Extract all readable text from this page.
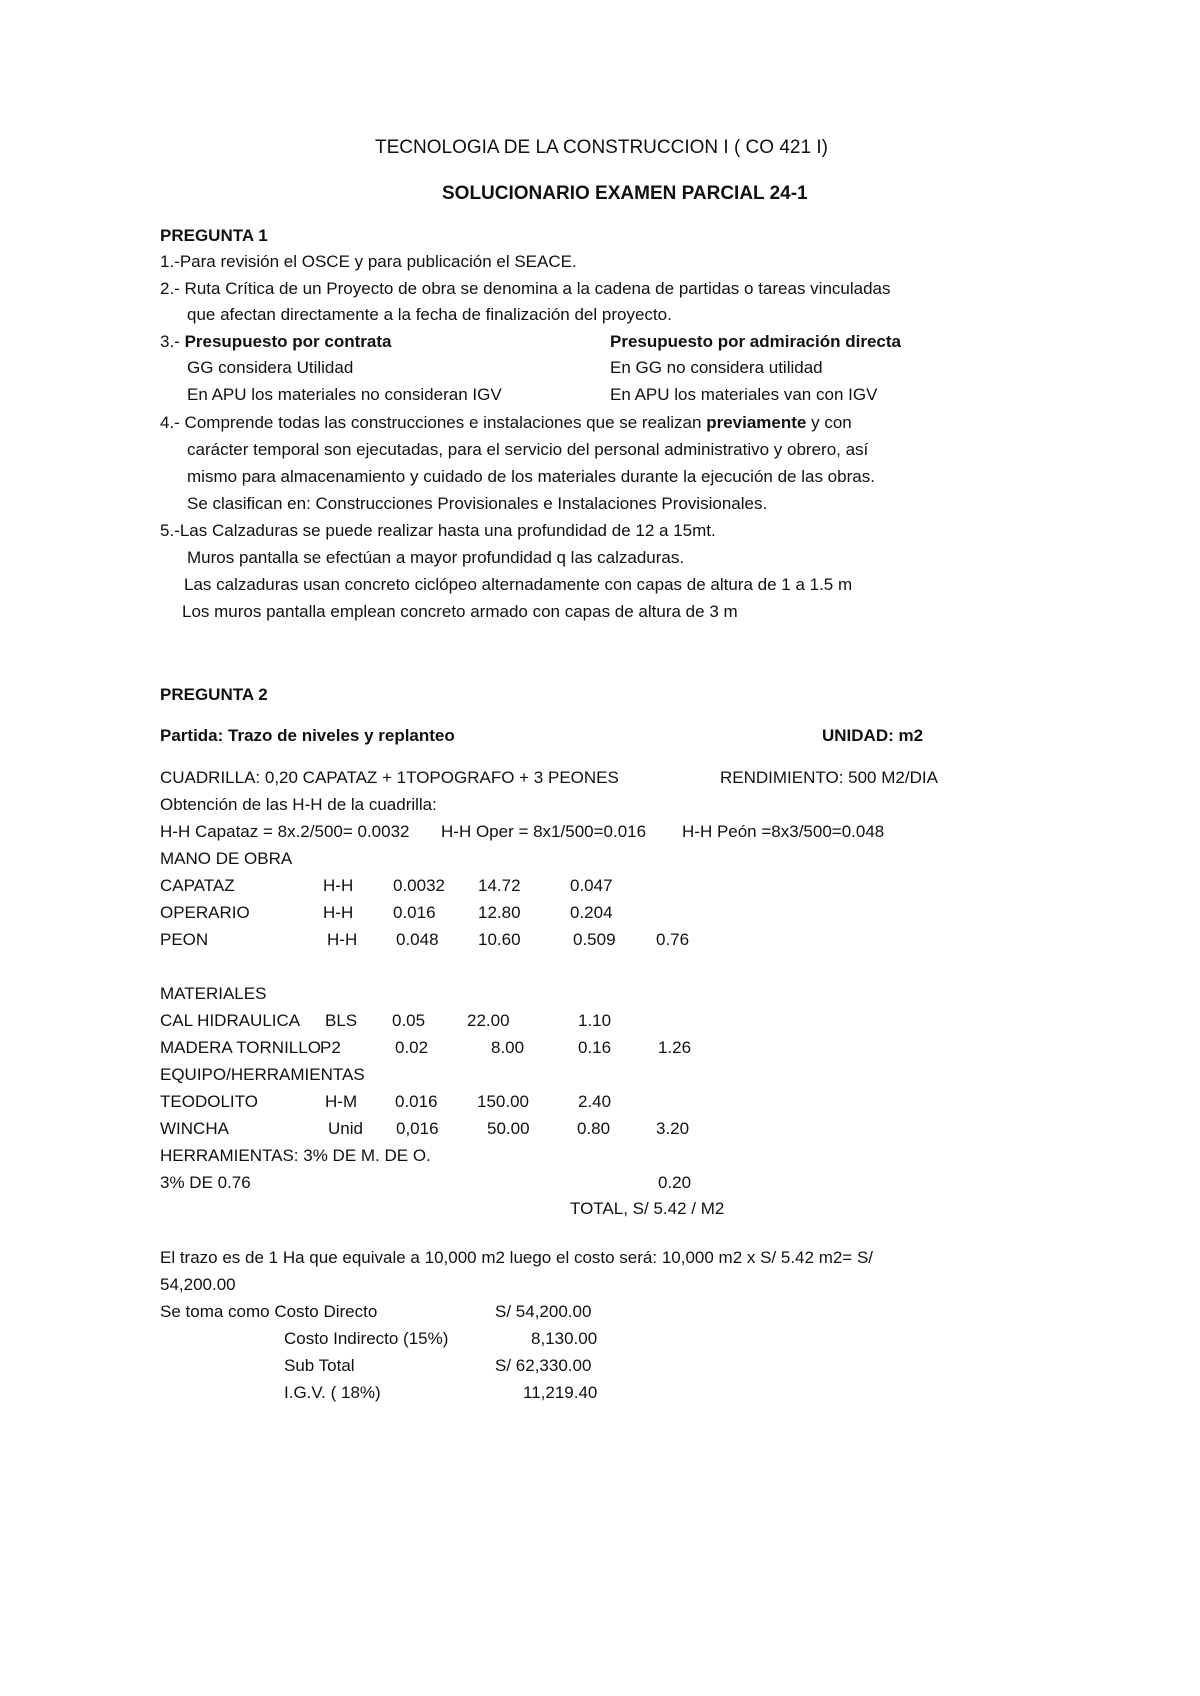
TECNOLOGIA DE LA CONSTRUCCION I ( CO 421 I)
SOLUCIONARIO EXAMEN PARCIAL 24-1
PREGUNTA 1
1.-Para revisión el OSCE y para publicación el SEACE.
2.- Ruta Crítica de un Proyecto de obra se denomina a la cadena de partidas o tareas vinculadas
que afectan directamente a la fecha de finalización del proyecto.
3.- Presupuesto por contrata	Presupuesto por admiración directa
GG considera Utilidad	En GG no considera utilidad
En APU los materiales no consideran IGV	En APU los materiales van con IGV
4.- Comprende todas las construcciones e instalaciones que se realizan previamente y con
carácter temporal son ejecutadas, para el servicio del personal administrativo y obrero, así
mismo para almacenamiento y cuidado de los materiales durante la ejecución de las obras.
Se clasifican en: Construcciones Provisionales e Instalaciones Provisionales.
5.-Las Calzaduras se puede realizar hasta una profundidad de 12 a 15mt.
Muros pantalla se efectúan a mayor profundidad q las calzaduras.
Las calzaduras usan concreto ciclópeo alternadamente con capas de altura de 1 a 1.5 m
Los muros pantalla emplean concreto armado con capas de altura de 3 m
PREGUNTA 2
Partida: Trazo de niveles y replanteo	UNIDAD: m2
CUADRILLA: 0,20 CAPATAZ + 1TOPOGRAFO + 3 PEONES	RENDIMIENTO: 500 M2/DIA
Obtención de las H-H de la cuadrilla:
H-H Capataz = 8x.2/500= 0.0032 H-H Oper = 8x1/500=0.016 H-H Peón =8x3/500=0.048
MANO DE OBRA
CAPATAZ	H-H 0.0032 14.72	0.047
OPERARIO	H-H 0.016 12.80	0.204
PEON	H-H 0.048 10.60	0.509 0.76
MATERIALES
CAL HIDRAULICA BLS 0.05 22.00	1.10
MADERA TORNILLO P2	0.02	8.00	0.16	1.26
EQUIPO/HERRAMIENTAS
TEODOLITO	H-M 0.016 150.00	2.40
WINCHA	Unid 0,016	50.00	0.80	3.20
HERRAMIENTAS: 3% DE M. DE O.
3% DE 0.76	0.20
TOTAL, S/ 5.42 / M2
El trazo es de 1 Ha que equivale a 10,000 m2 luego el costo será: 10,000 m2 x S/ 5.42 m2= S/
54,200.00
Se toma como Costo Directo	S/ 54,200.00
Costo Indirecto (15%)	8,130.00
Sub Total	S/ 62,330.00
I.G.V. ( 18%)	11,219.40
